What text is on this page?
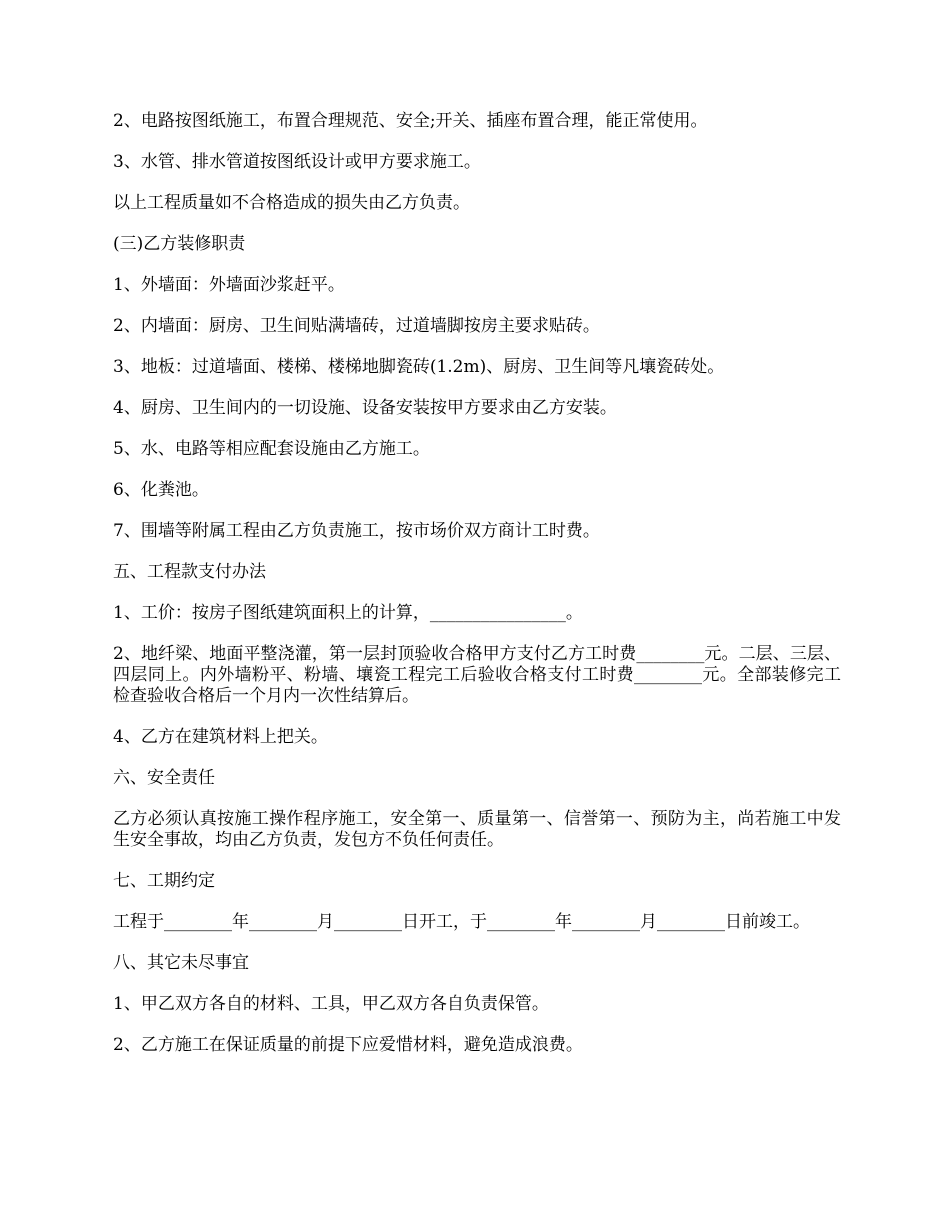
2、电路按图纸施工，布置合理规范、安全;开关、插座布置合理，能正常使用。

3、水管、排水管道按图纸设计或甲方要求施工。

以上工程质量如不合格造成的损失由乙方负责。

(三)乙方装修职责

1、外墙面：外墙面沙浆赶平。

2、内墙面：厨房、卫生间贴满墙砖，过道墙脚按房主要求贴砖。

3、地板：过道墙面、楼梯、楼梯地脚瓷砖(1.2m)、厨房、卫生间等凡壤瓷砖处。

4、厨房、卫生间内的一切设施、设备安装按甲方要求由乙方安装。

5、水、电路等相应配套设施由乙方施工。

6、化粪池。

7、围墙等附属工程由乙方负责施工，按市场价双方商计工时费。

五、工程款支付办法

1、工价：按房子图纸建筑面积上的计算，________________。

2、地纤梁、地面平整浇灌，第一层封顶验收合格甲方支付乙方工时费________元。二层、三层、四层同上。内外墙粉平、粉墙、壤瓷工程完工后验收合格支付工时费________元。全部装修完工检查验收合格后一个月内一次性结算后。

4、乙方在建筑材料上把关。

六、安全责任

乙方必须认真按施工操作程序施工，安全第一、质量第一、信誉第一、预防为主，尚若施工中发生安全事故，均由乙方负责，发包方不负任何责任。

七、工期约定

工程于________年________月________日开工，于________年________月________日前竣工。

八、其它未尽事宜

1、甲乙双方各自的材料、工具，甲乙双方各自负责保管。

2、乙方施工在保证质量的前提下应爱惜材料，避免造成浪费。
